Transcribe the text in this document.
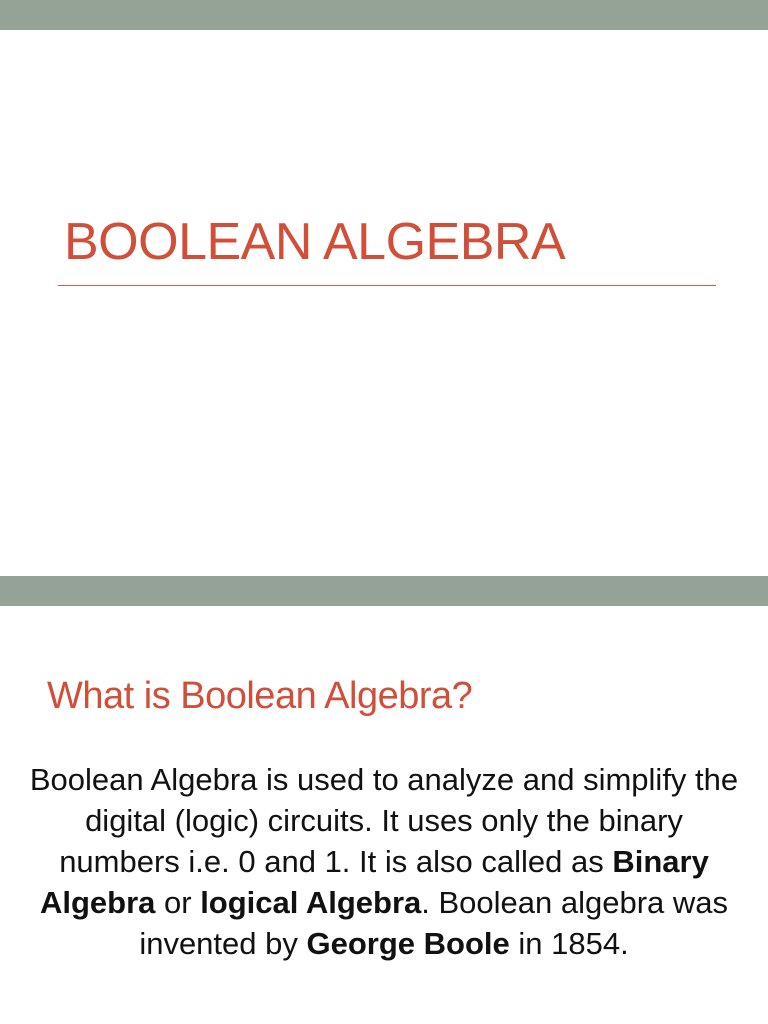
BOOLEAN ALGEBRA
What is Boolean Algebra?

Boolean Algebra is used to analyze and simplify the digital (logic) circuits. It uses only the binary numbers i.e. 0 and 1. It is also called as Binary Algebra or logical Algebra. Boolean algebra was invented by George Boole in 1854.
